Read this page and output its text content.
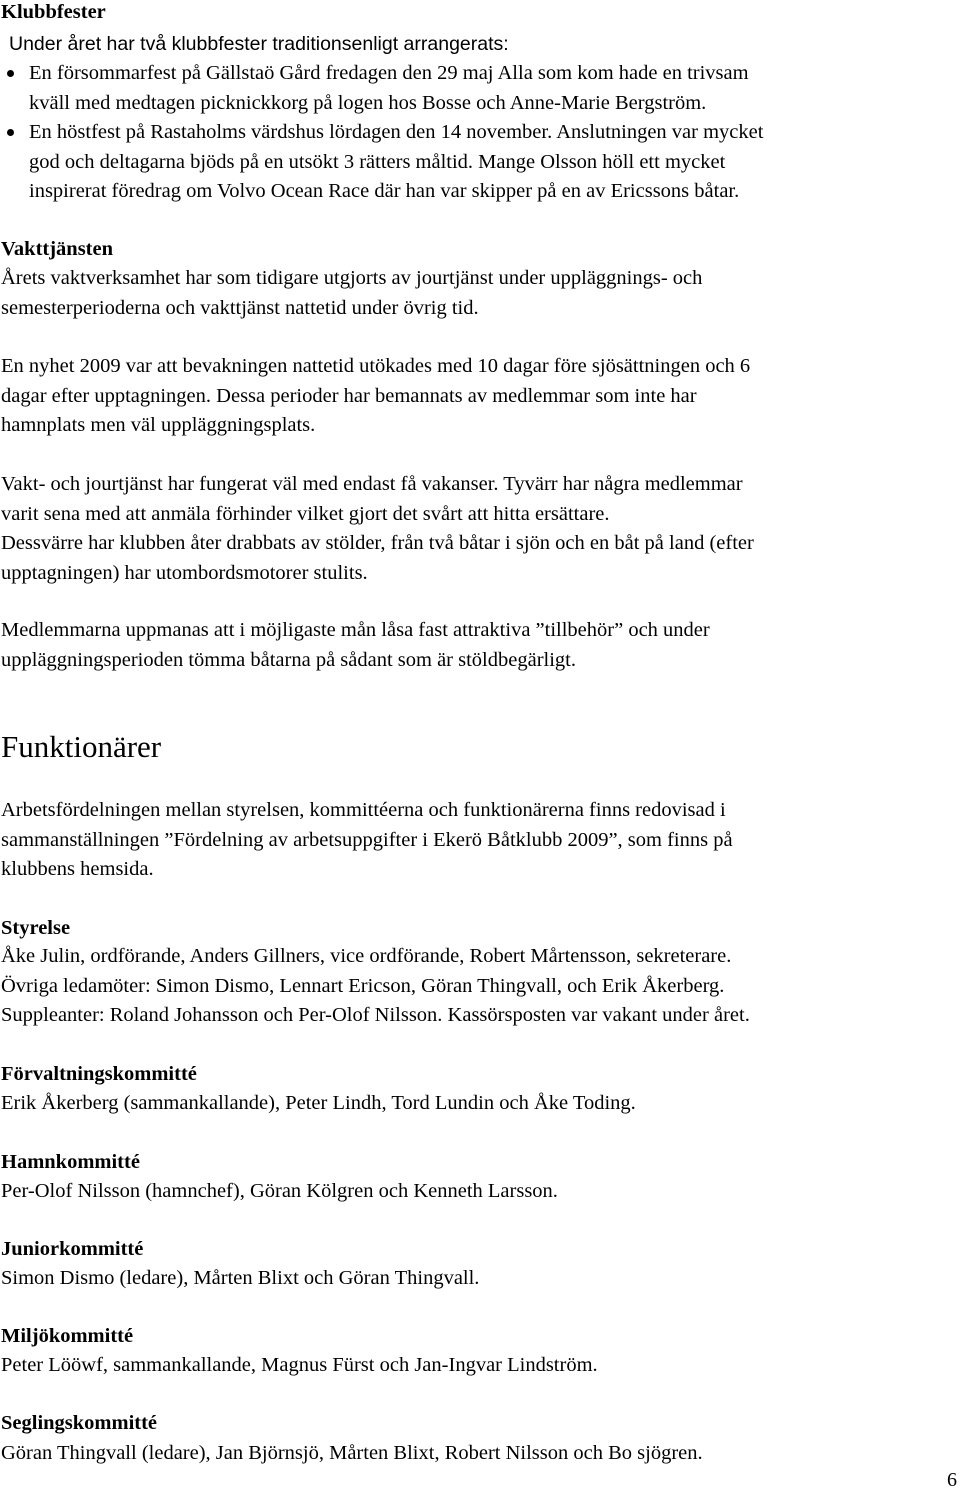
Klubbfester
Under året har två klubbfester traditionsenligt arrangerats:
En försommarfest på Gällstaö Gård fredagen den 29 maj Alla som kom hade en trivsam
kväll med medtagen picknickkorg på logen hos Bosse och Anne-Marie Bergström.
En höstfest på Rastaholms värdshus lördagen den 14 november. Anslutningen var mycket
god och deltagarna bjöds på en utsökt 3 rätters måltid. Mange Olsson höll ett mycket
inspirerat föredrag om Volvo Ocean Race där han var skipper på en av Ericssons båtar.
Vakttjänsten
Årets vaktverksamhet har som tidigare utgjorts av jourtjänst under uppläggnings- och
semesterperioderna och vakttjänst nattetid under övrig tid.
En nyhet 2009 var att bevakningen nattetid utökades med 10 dagar före sjösättningen och 6
dagar efter upptagningen. Dessa perioder har bemannats av medlemmar som inte har
hamnplats men väl uppläggningsplats.
Vakt- och jourtjänst har fungerat väl med endast få vakanser. Tyvärr har några medlemmar
varit sena med att anmäla förhinder vilket gjort det svårt att hitta ersättare.
Dessvärre har klubben åter drabbats av stölder, från två båtar i sjön och en båt på land (efter
upptagningen) har utombordsmotorer stulits.
Medlemmarna uppmanas att i möjligaste mån låsa fast attraktiva ”tillbehör” och under
uppläggningsperioden tömma båtarna på sådant som är stöldbegärligt.
Funktionärer
Arbetsfördelningen mellan styrelsen, kommittéerna och funktionärerna finns redovisad i
sammanställningen ”Fördelning av arbetsuppgifter i Ekerö Båtklubb 2009”, som finns på
klubbens hemsida.
Styrelse
Åke Julin, ordförande, Anders Gillners, vice ordförande, Robert Mårtensson, sekreterare.
Övriga ledamöter: Simon Dismo, Lennart Ericson, Göran Thingvall, och Erik Åkerberg.
Suppleanter: Roland Johansson och Per-Olof Nilsson. Kassörsposten var vakant under året.
Förvaltningskommitté
Erik Åkerberg (sammankallande), Peter Lindh, Tord Lundin och Åke Toding.
Hamnkommitté
Per-Olof Nilsson (hamnchef), Göran Kölgren och Kenneth Larsson.
Juniorkommitté
Simon Dismo (ledare), Mårten Blixt och Göran Thingvall.
Miljökommitté
Peter Lööwf, sammankallande, Magnus Fürst och Jan-Ingvar Lindström.
Seglingskommitté
Göran Thingvall (ledare), Jan Björnsjö, Mårten Blixt, Robert Nilsson och Bo sjögren.
6
